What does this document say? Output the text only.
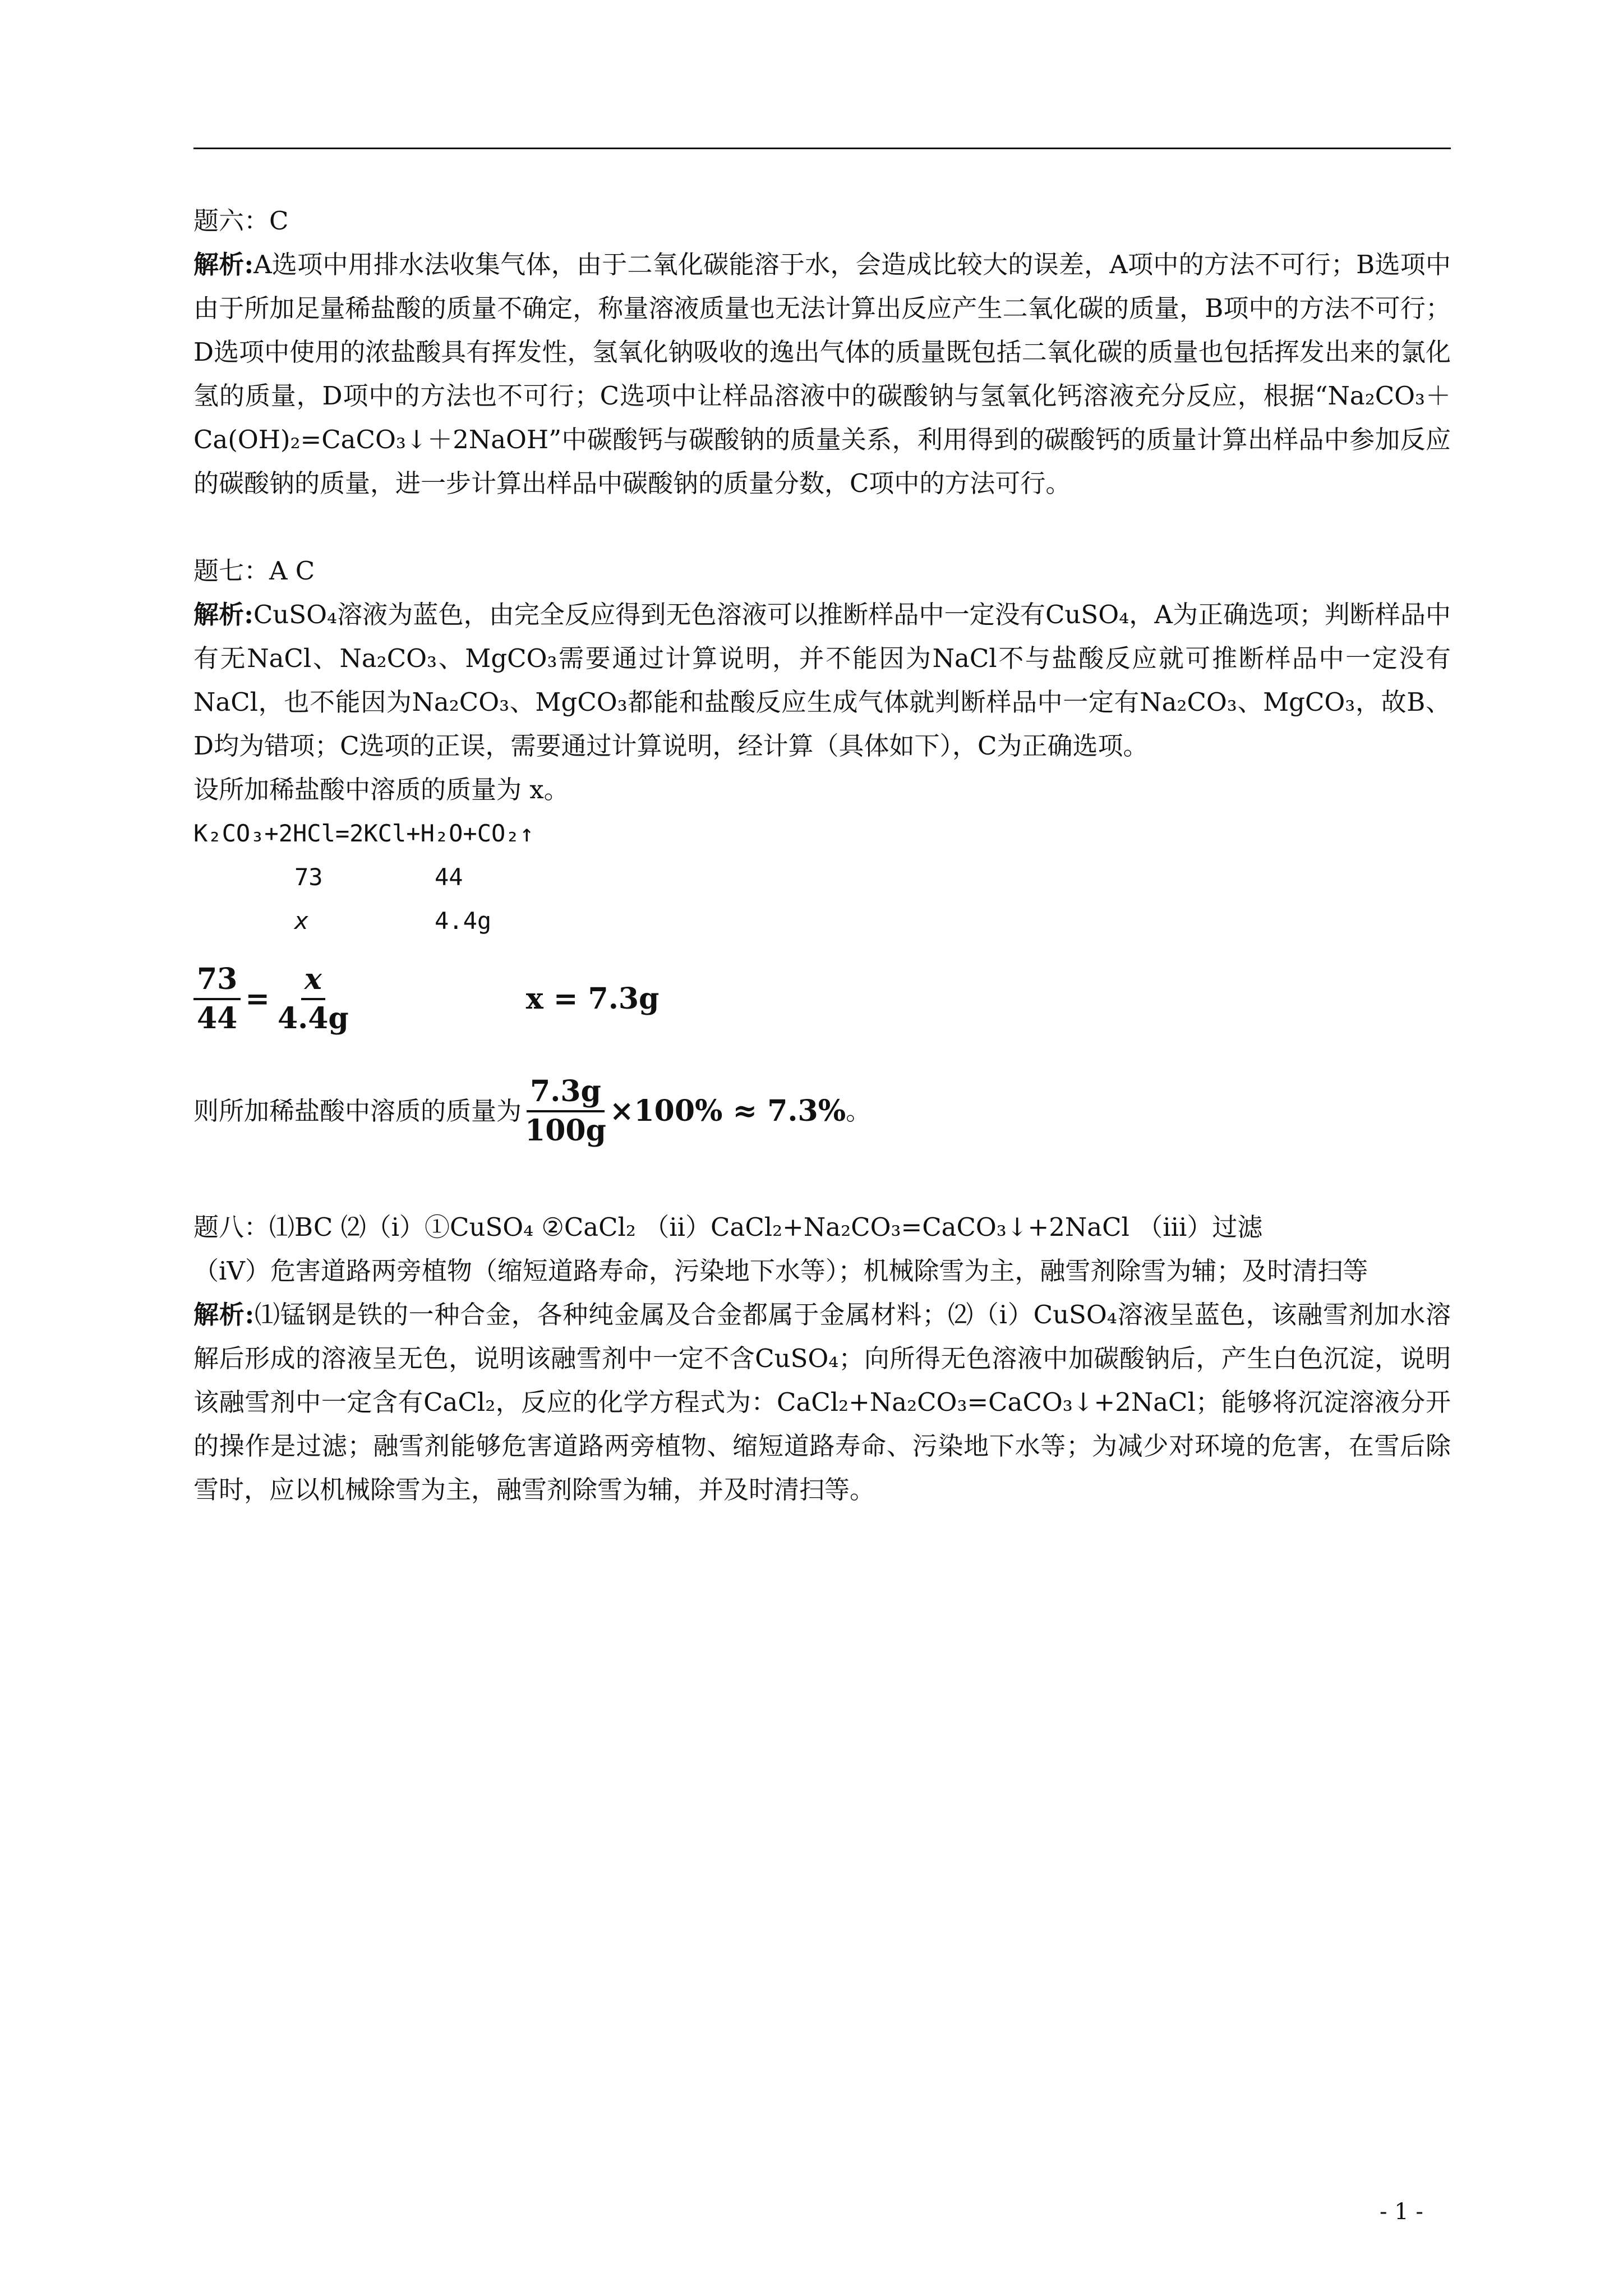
题六：C

解析:A选项中用排水法收集气体，由于二氧化碳能溶于水，会造成比较大的误差，A项中的方法不可行；B选项中由于所加足量稀盐酸的质量不确定，称量溶液质量也无法计算出反应产生二氧化碳的质量，B项中的方法不可行； D选项中使用的浓盐酸具有挥发性，氢氧化钠吸收的逸出气体的质量既包括二氧化碳的质量也包括挥发出来的氯化氢的质量，D项中的方法也不可行；C选项中让样品溶液中的碳酸钠与氢氧化钙溶液充分反应，根据“Na₂CO₃＋Ca(OH)₂=CaCO₃↓＋2NaOH”中碳酸钙与碳酸钠的质量关系，利用得到的碳酸钙的质量计算出样品中参加反应的碳酸钠的质量，进一步计算出样品中碳酸钠的质量分数，C项中的方法可行。

题七：A C

解析:CuSO₄溶液为蓝色，由完全反应得到无色溶液可以推断样品中一定没有CuSO₄，A为正确选项；判断样品中有无NaCl、Na₂CO₃、MgCO₃需要通过计算说明，并不能因为NaCl不与盐酸反应就可推断样品中一定没有NaCl，也不能因为Na₂CO₃、MgCO₃都能和盐酸反应生成气体就判断样品中一定有Na₂CO₃、MgCO₃，故B、D均为错项；C选项的正误，需要通过计算说明，经计算（具体如下），C为正确选项。

设所加稀盐酸中溶质的质量为 x。

K₂CO₃+2HCl=2KCl+H₂O+CO₂↑

73	44
x	4.4g
$\frac{73}{44} = \frac{x}{4.4g}$	x = 7.3g
则所加稀盐酸中溶质的质量为 $\frac{7.3g}{100g} \times 100\% \approx 7.3\%$ 。

题八：⑴BC ⑵（i）①CuSO₄ ②CaCl₂ （ii）CaCl₂+Na₂CO₃=CaCO₃↓+2NaCl （iii）过滤

（iV）危害道路两旁植物（缩短道路寿命，污染地下水等）；机械除雪为主，融雪剂除雪为辅；及时清扫等

解析:⑴锰钢是铁的一种合金，各种纯金属及合金都属于金属材料；⑵（i）CuSO₄溶液呈蓝色，该融雪剂加水溶解后形成的溶液呈无色，说明该融雪剂中一定不含CuSO₄；向所得无色溶液中加碳酸钠后，产生白色沉淀，说明该融雪剂中一定含有CaCl₂，反应的化学方程式为：CaCl₂+Na₂CO₃=CaCO₃↓+2NaCl；能够将沉淀溶液分开的操作是过滤；融雪剂能够危害道路两旁植物、缩短道路寿命、污染地下水等；为减少对环境的危害，在雪后除雪时，应以机械除雪为主，融雪剂除雪为辅，并及时清扫等。

- 1 -
